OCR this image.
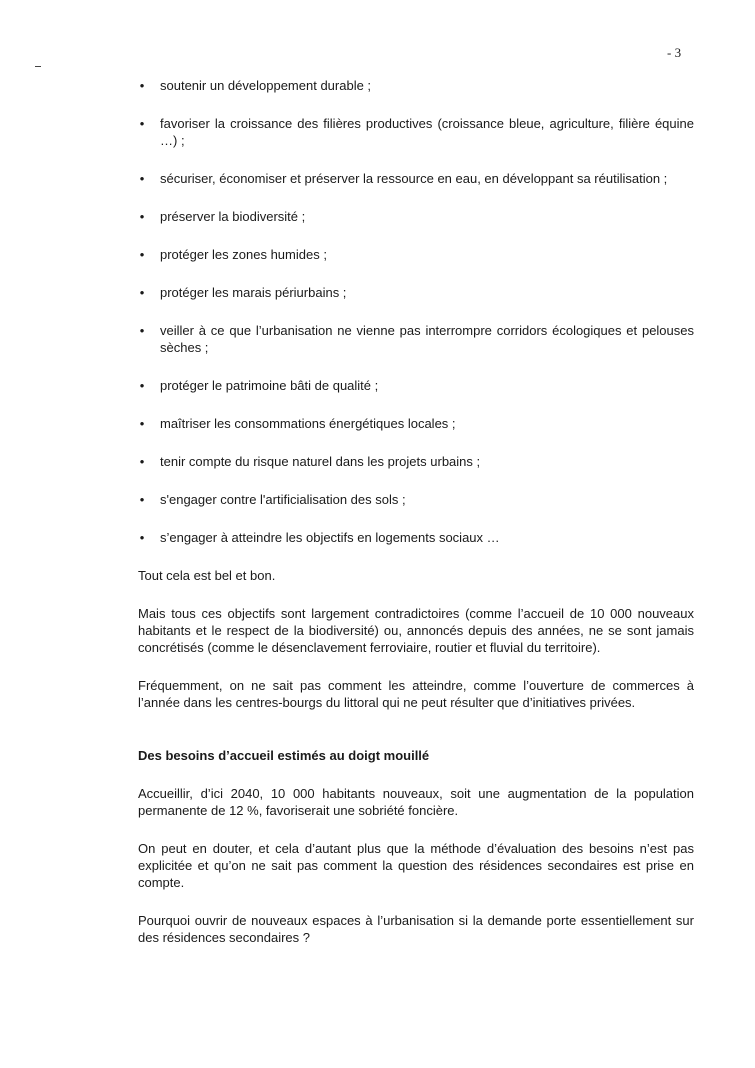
- 3
• soutenir un développement durable ;
• favoriser la croissance des filières productives (croissance bleue, agriculture, filière équine …) ;
• sécuriser, économiser et préserver la ressource en eau, en développant sa réutilisation ;
• préserver la biodiversité ;
• protéger les zones humides ;
• protéger les marais périurbains ;
• veiller à ce que l’urbanisation ne vienne pas interrompre corridors écologiques et pelouses sèches ;
• protéger le patrimoine bâti de qualité ;
• maîtriser les consommations énergétiques locales ;
• tenir compte du risque naturel dans les projets urbains ;
• s'engager contre l'artificialisation des sols ;
• s’engager à atteindre les objectifs en logements sociaux …

Tout cela est bel et bon.

Mais tous ces objectifs sont largement contradictoires (comme l’accueil de 10 000 nouveaux habitants et le respect de la biodiversité) ou, annoncés depuis des années, ne se sont jamais concrétisés (comme le désenclavement ferroviaire, routier et fluvial du territoire).

Fréquemment, on ne sait pas comment les atteindre, comme l’ouverture de commerces à l’année dans les centres-bourgs du littoral qui ne peut résulter que d’initiatives privées.

Des besoins d’accueil estimés au doigt mouillé

Accueillir, d’ici 2040, 10 000 habitants nouveaux, soit une augmentation de la population permanente de 12 %, favoriserait une sobriété foncière.

On peut en douter, et cela d’autant plus que la méthode d’évaluation des besoins n’est pas explicitée et qu’on ne sait pas comment la question des résidences secondaires est prise en compte.

Pourquoi ouvrir de nouveaux espaces à l’urbanisation si la demande porte essentiellement sur des résidences secondaires ?
